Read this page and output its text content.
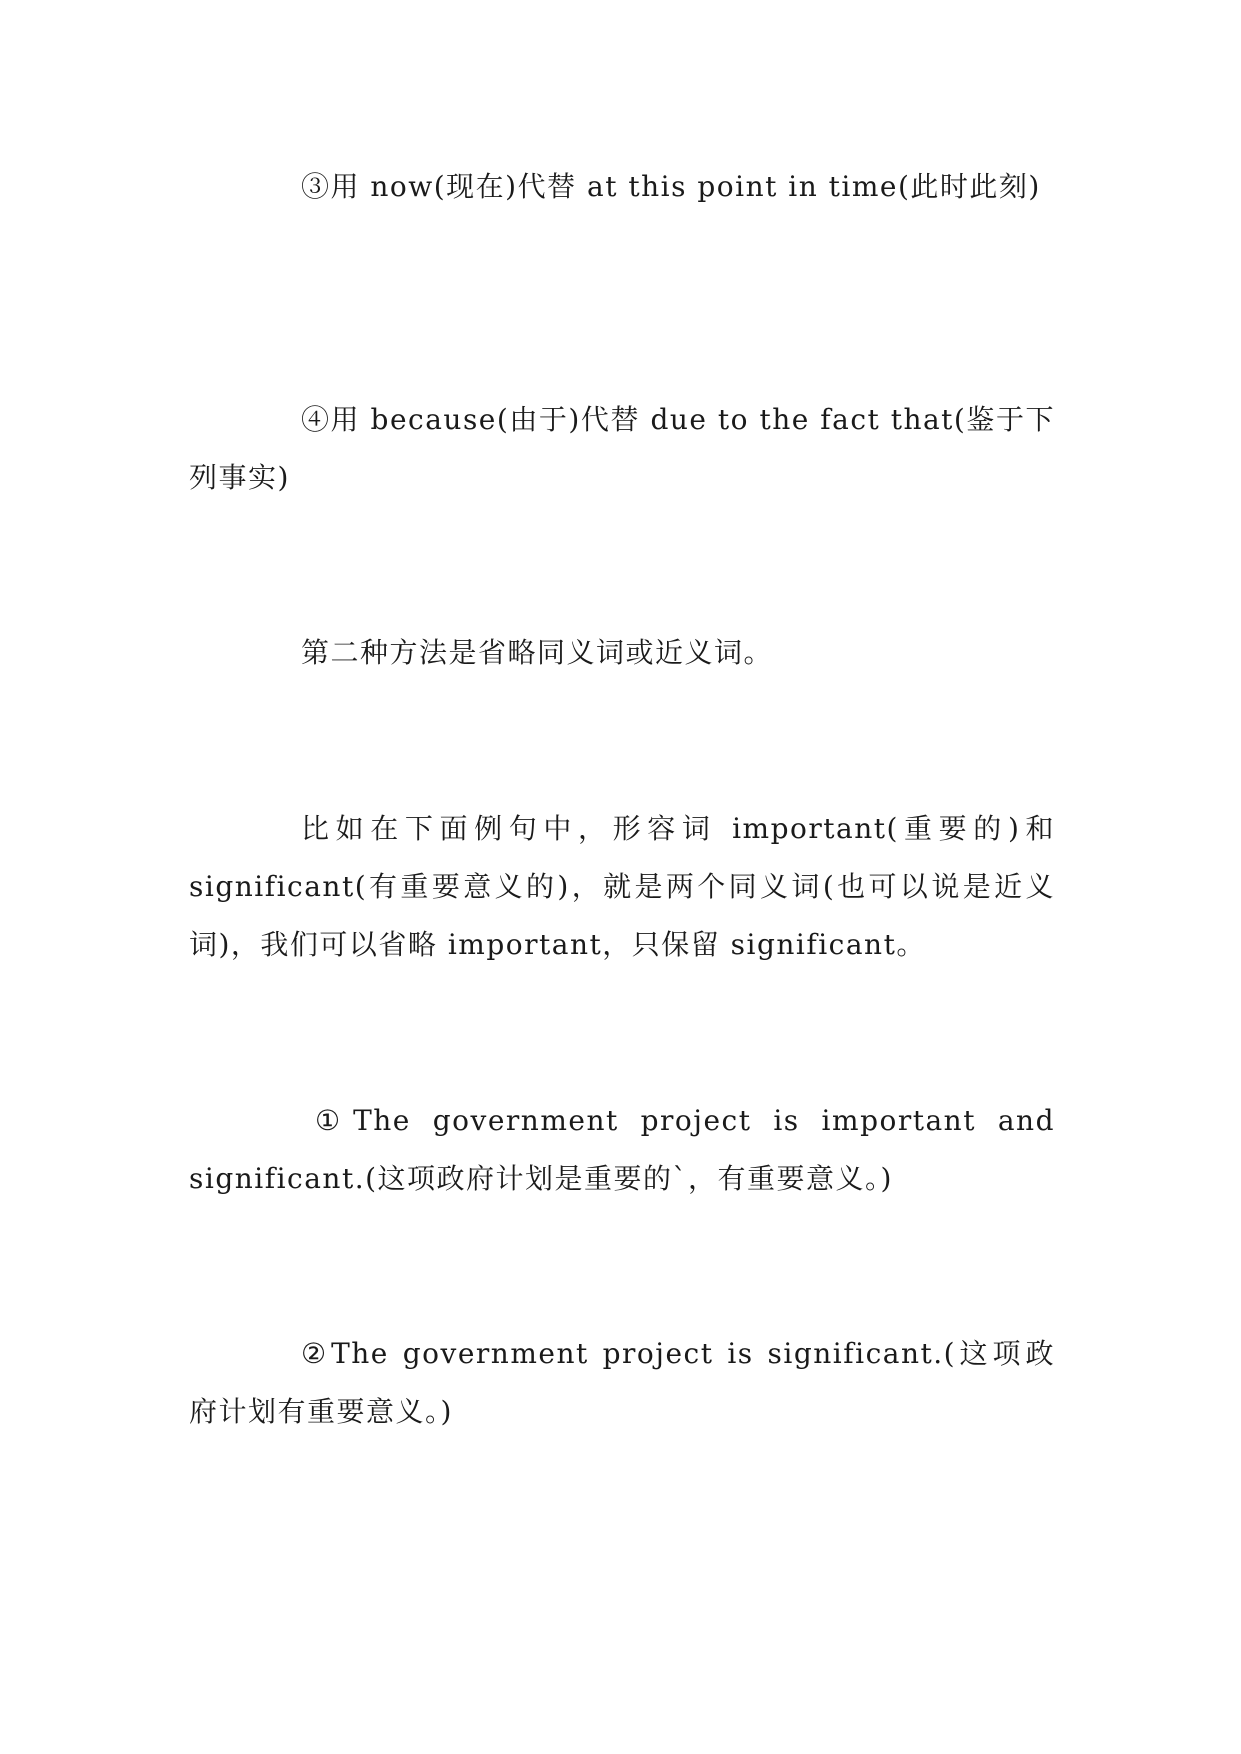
③用 now(现在)代替 at this point in time(此时此刻)

④用 because(由于)代替 due to the fact that(鉴于下列事实)

第二种方法是省略同义词或近义词。

比如在下面例句中，形容词 important(重要的)和significant(有重要意义的)，就是两个同义词(也可以说是近义词)，我们可以省略 important，只保留 significant。

①The government project is important and significant.(这项政府计划是重要的`，有重要意义。)

②The government project is significant.(这项政府计划有重要意义。)
